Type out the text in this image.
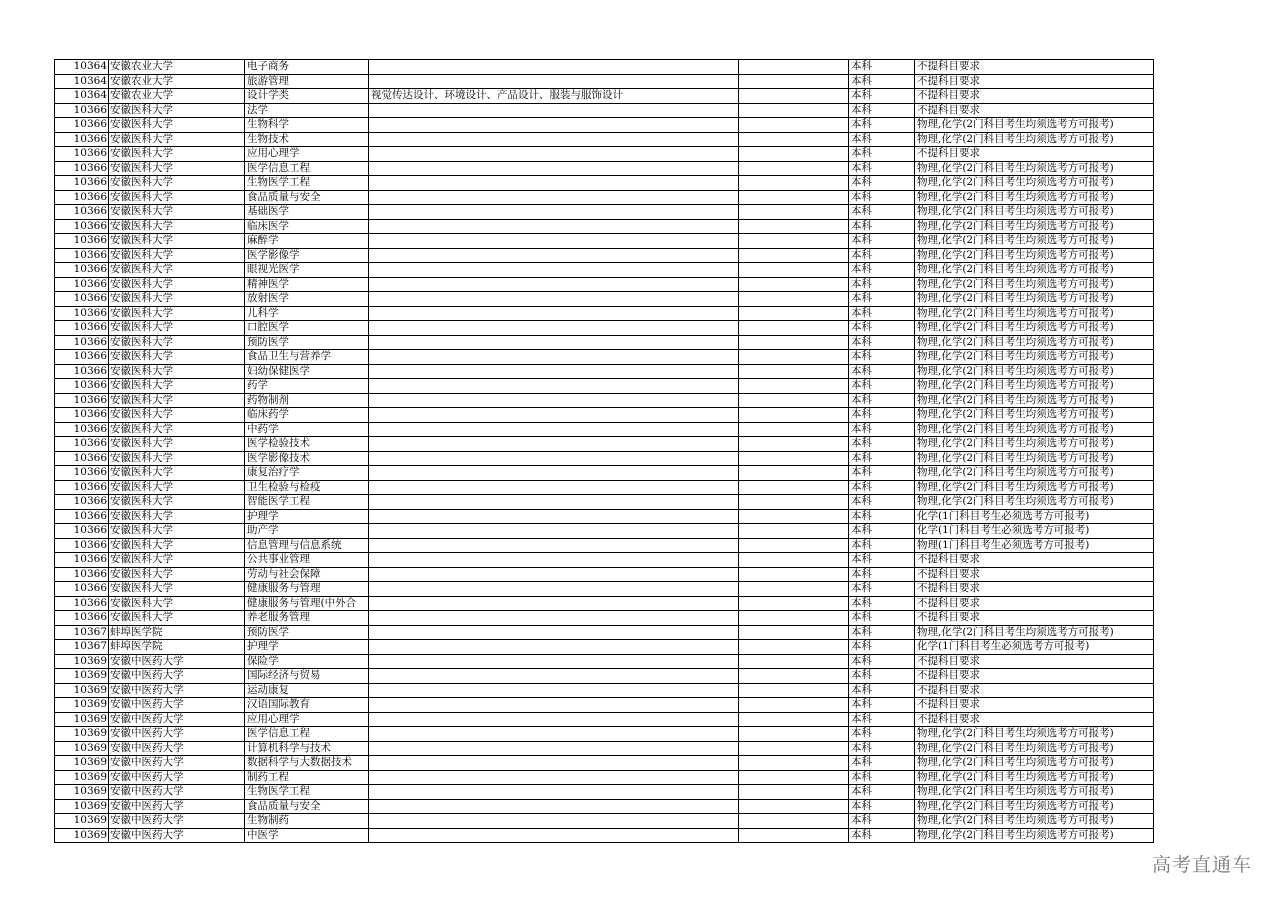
10364	安徽农业大学	电子商务			本科	不提科目要求
10364	安徽农业大学	旅游管理			本科	不提科目要求
10364	安徽农业大学	设计学类	视觉传达设计、环境设计、产品设计、服装与服饰设计		本科	不提科目要求
10366	安徽医科大学	法学			本科	不提科目要求
10366	安徽医科大学	生物科学			本科	物理,化学(2门科目考生均须选考方可报考)
10366	安徽医科大学	生物技术			本科	物理,化学(2门科目考生均须选考方可报考)
10366	安徽医科大学	应用心理学			本科	不提科目要求
10366	安徽医科大学	医学信息工程			本科	物理,化学(2门科目考生均须选考方可报考)
10366	安徽医科大学	生物医学工程			本科	物理,化学(2门科目考生均须选考方可报考)
10366	安徽医科大学	食品质量与安全			本科	物理,化学(2门科目考生均须选考方可报考)
10366	安徽医科大学	基础医学			本科	物理,化学(2门科目考生均须选考方可报考)
10366	安徽医科大学	临床医学			本科	物理,化学(2门科目考生均须选考方可报考)
10366	安徽医科大学	麻醉学			本科	物理,化学(2门科目考生均须选考方可报考)
10366	安徽医科大学	医学影像学			本科	物理,化学(2门科目考生均须选考方可报考)
10366	安徽医科大学	眼视光医学			本科	物理,化学(2门科目考生均须选考方可报考)
10366	安徽医科大学	精神医学			本科	物理,化学(2门科目考生均须选考方可报考)
10366	安徽医科大学	放射医学			本科	物理,化学(2门科目考生均须选考方可报考)
10366	安徽医科大学	儿科学			本科	物理,化学(2门科目考生均须选考方可报考)
10366	安徽医科大学	口腔医学			本科	物理,化学(2门科目考生均须选考方可报考)
10366	安徽医科大学	预防医学			本科	物理,化学(2门科目考生均须选考方可报考)
10366	安徽医科大学	食品卫生与营养学			本科	物理,化学(2门科目考生均须选考方可报考)
10366	安徽医科大学	妇幼保健医学			本科	物理,化学(2门科目考生均须选考方可报考)
10366	安徽医科大学	药学			本科	物理,化学(2门科目考生均须选考方可报考)
10366	安徽医科大学	药物制剂			本科	物理,化学(2门科目考生均须选考方可报考)
10366	安徽医科大学	临床药学			本科	物理,化学(2门科目考生均须选考方可报考)
10366	安徽医科大学	中药学			本科	物理,化学(2门科目考生均须选考方可报考)
10366	安徽医科大学	医学检验技术			本科	物理,化学(2门科目考生均须选考方可报考)
10366	安徽医科大学	医学影像技术			本科	物理,化学(2门科目考生均须选考方可报考)
10366	安徽医科大学	康复治疗学			本科	物理,化学(2门科目考生均须选考方可报考)
10366	安徽医科大学	卫生检验与检疫			本科	物理,化学(2门科目考生均须选考方可报考)
10366	安徽医科大学	智能医学工程			本科	物理,化学(2门科目考生均须选考方可报考)
10366	安徽医科大学	护理学			本科	化学(1门科目考生必须选考方可报考)
10366	安徽医科大学	助产学			本科	化学(1门科目考生必须选考方可报考)
10366	安徽医科大学	信息管理与信息系统			本科	物理(1门科目考生必须选考方可报考)
10366	安徽医科大学	公共事业管理			本科	不提科目要求
10366	安徽医科大学	劳动与社会保障			本科	不提科目要求
10366	安徽医科大学	健康服务与管理			本科	不提科目要求
10366	安徽医科大学	健康服务与管理(中外合			本科	不提科目要求
10366	安徽医科大学	养老服务管理			本科	不提科目要求
10367	蚌埠医学院	预防医学			本科	物理,化学(2门科目考生均须选考方可报考)
10367	蚌埠医学院	护理学			本科	化学(1门科目考生必须选考方可报考)
10369	安徽中医药大学	保险学			本科	不提科目要求
10369	安徽中医药大学	国际经济与贸易			本科	不提科目要求
10369	安徽中医药大学	运动康复			本科	不提科目要求
10369	安徽中医药大学	汉语国际教育			本科	不提科目要求
10369	安徽中医药大学	应用心理学			本科	不提科目要求
10369	安徽中医药大学	医学信息工程			本科	物理,化学(2门科目考生均须选考方可报考)
10369	安徽中医药大学	计算机科学与技术			本科	物理,化学(2门科目考生均须选考方可报考)
10369	安徽中医药大学	数据科学与大数据技术			本科	物理,化学(2门科目考生均须选考方可报考)
10369	安徽中医药大学	制药工程			本科	物理,化学(2门科目考生均须选考方可报考)
10369	安徽中医药大学	生物医学工程			本科	物理,化学(2门科目考生均须选考方可报考)
10369	安徽中医药大学	食品质量与安全			本科	物理,化学(2门科目考生均须选考方可报考)
10369	安徽中医药大学	生物制药			本科	物理,化学(2门科目考生均须选考方可报考)
10369	安徽中医药大学	中医学			本科	物理,化学(2门科目考生均须选考方可报考)
高考直通车
